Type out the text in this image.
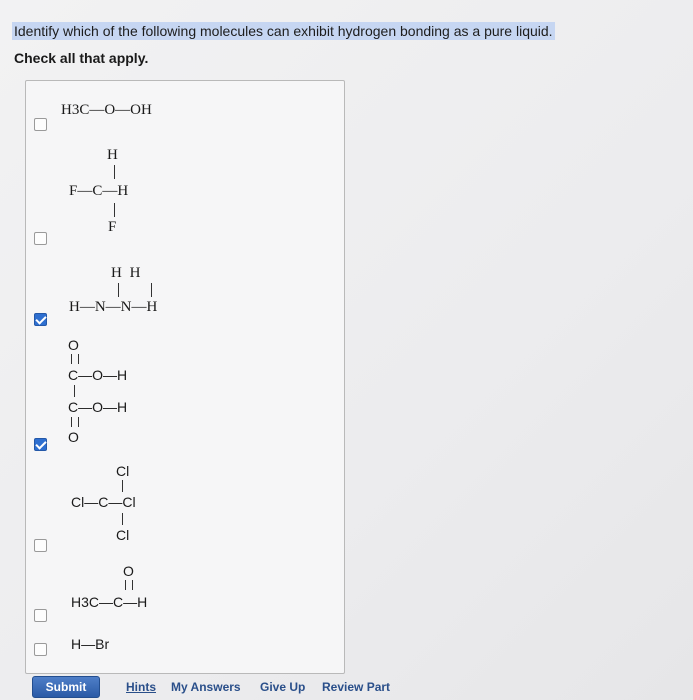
Identify which of the following molecules can exhibit hydrogen bonding as a pure liquid.
Check all that apply.
H3C—O—OH
H
F—C—H
F
H H
H—N—N—H
O
C—O—H
C—O—H
O
Cl
Cl—C—Cl
Cl
O
H3C—C—H
H—Br
Submit	Hints My Answers Give Up Review Part
